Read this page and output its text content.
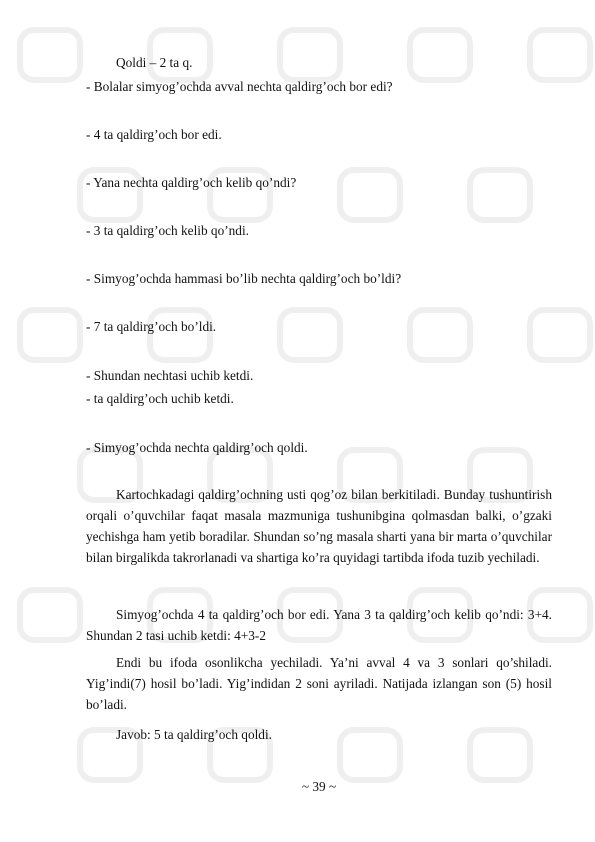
Qoldi – 2 ta q.
- Bolalar simyog’ochda avval nechta qaldirg’och bor edi?
- 4 ta qaldirg’och bor edi.
- Yana nechta qaldirg’och kelib qo’ndi?
- 3 ta qaldirg’och kelib qo’ndi.
- Simyog’ochda hammasi bo’lib nechta qaldirg’och bo’ldi?
- 7 ta qaldirg’och bo’ldi.
- Shundan nechtasi uchib ketdi.
- ta qaldirg’och uchib ketdi.
- Simyog’ochda nechta qaldirg’och qoldi.
Kartochkadagi qaldirg’ochning usti qog’oz bilan berkitiladi. Bunday tushuntirish orqali o’quvchilar faqat masala mazmuniga tushunibgina qolmasdan balki, o’gzaki yechishga ham yetib boradilar. Shundan so’ng masala sharti yana bir marta o’quvchilar bilan birgalikda takrorlanadi va shartiga ko’ra quyidagi tartibda ifoda tuzib yechiladi.
Simyog’ochda 4 ta qaldirg’och bor edi. Yana 3 ta qaldirg’och kelib qo’ndi: 3+4. Shundan 2 tasi uchib ketdi: 4+3-2
Endi bu ifoda osonlikcha yechiladi. Ya’ni avval 4 va 3 sonlari qo’shiladi. Yig’indi(7) hosil bo’ladi. Yig’indidan 2 soni ayriladi. Natijada izlangan son (5) hosil bo’ladi.
Javob: 5 ta qaldirg’och qoldi.
~ 39 ~
